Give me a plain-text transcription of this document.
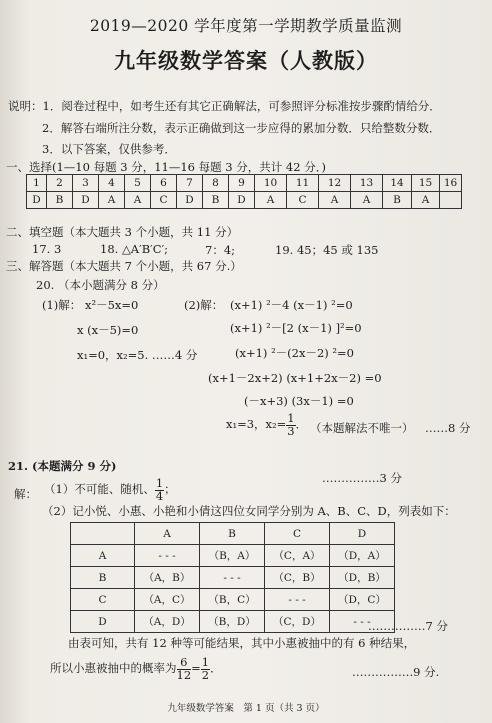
2019—2020 学年度第一学期教学质量监测
九年级数学答案（人教版）
说明：1．阅卷过程中，如考生还有其它正确解法，可参照评分标准按步骤酌情给分．
2．解答右端所注分数，表示正确做到这一步应得的累加分数．只给整数分数．
3．以下答案，仅供参考．
一、选择(1—10 每题 3 分，11—16 每题 3 分，共计 42 分．)
1	2	3	4	5	6	7	8	9	10	11	12	13	14	15	16
D	B	D	A	A	C	D	B	D	A	C	A	A	B	A	
二、填空题（本大题共 3 个小题，共 11 分）
17. 3	18. △A′B′C′;	7：4;	19. 45；45 或 135
三、解答题（本大题共 7 个小题，共 67 分.）
20. （本小题满分 8 分）
(1)解： x²－5x=0
x (x－5)=0
x₁=0，x₂=5. ……4 分
(2)解： (x+1) ²－4 (x－1) ²=0
(x+1) ²－[2 (x－1) ]²=0
(x+1) ²－(2x－2) ²=0
(x+1－2x+2) (x+1+2x－2) =0
(－x+3) (3x－1) =0
x₁=3，$x_2= \frac{1}{3}$ ． （本题解法不唯一） ……8 分
21. (本题满分 9 分)
……………3 分
解： （1）不可能、随机、 $\frac{1}{4}$ ；
（2）记小悦、小惠、小艳和小倩这四位女同学分别为 A、B、C、D，列表如下：
	A	B	C	D
A	- - -	（B，A）	（C，A）	（D，A）
B	（A，B）	- - -	（C，B）	（D，B）
C	（A，C）	（B，C）	- - -	（D，C）
D	（A，D）	（B，D）	（C，D）	- - -
……………7 分
由表可知，共有 12 种等可能结果，其中小惠被抽中的有 6 种结果，
所以小惠被抽中的概率为 $\frac{6}{12} = \frac{1}{2}$ ．	…………….9 分.
九年级数学答案　第 1 页（共 3 页）
